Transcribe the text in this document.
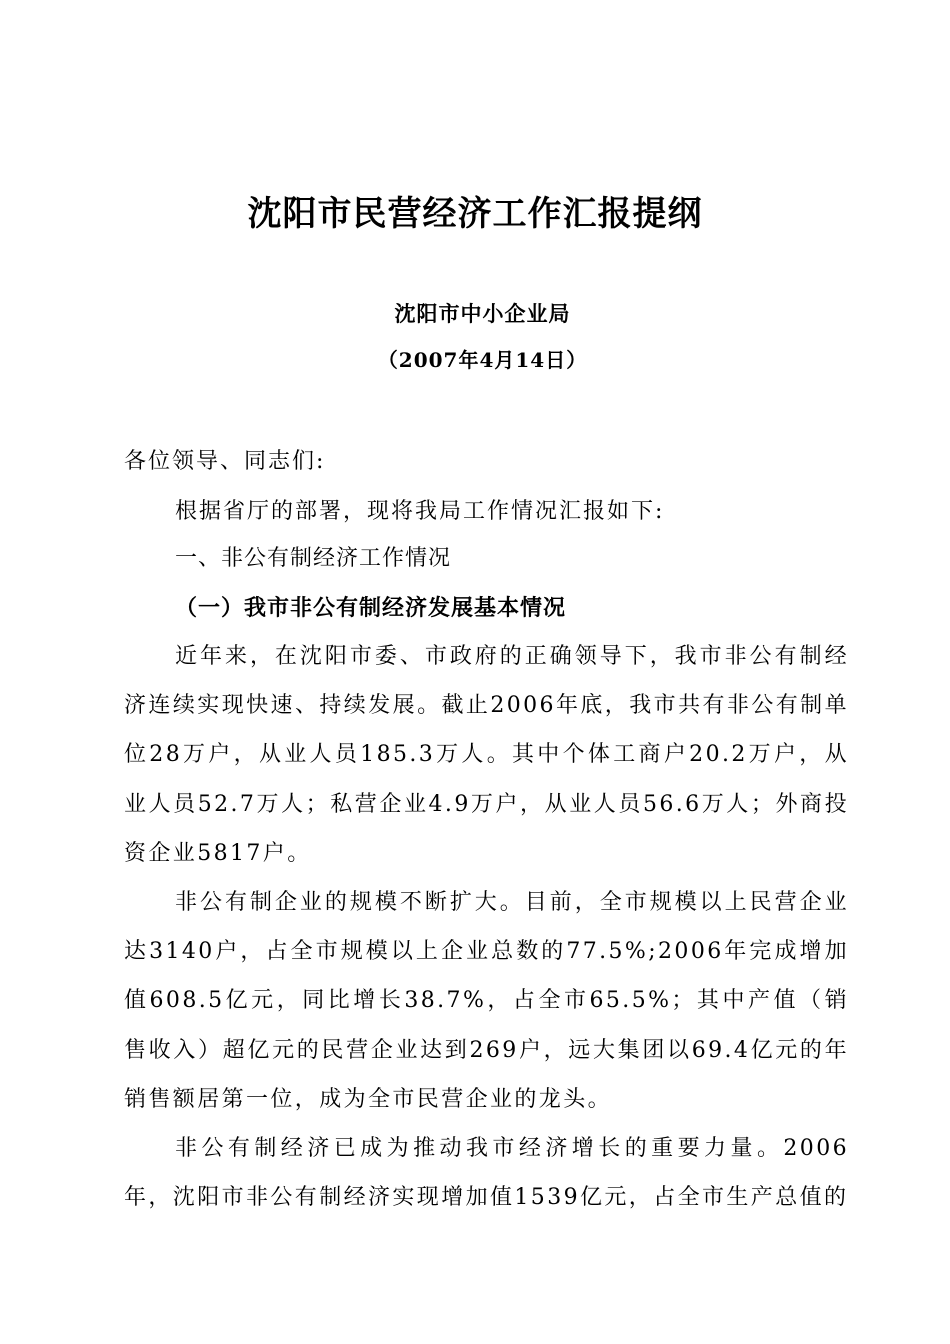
沈阳市民营经济工作汇报提纲
沈阳市中小企业局
（2007年4月14日）
各位领导、同志们:
根据省厅的部署，现将我局工作情况汇报如下:
一、非公有制经济工作情况
（一）我市非公有制经济发展基本情况
近年来，在沈阳市委、市政府的正确领导下，我市非公有制经济连续实现快速、持续发展。截止2006年底，我市共有非公有制单位28万户，从业人员185.3万人。其中个体工商户20.2万户，从业人员52.7万人；私营企业4.9万户，从业人员56.6万人；外商投资企业5817户。
非公有制企业的规模不断扩大。目前，全市规模以上民营企业达3140户，占全市规模以上企业总数的77.5%;2006年完成增加值608.5亿元，同比增长38.7%，占全市65.5%；其中产值（销售收入）超亿元的民营企业达到269户，远大集团以69.4亿元的年销售额居第一位，成为全市民营企业的龙头。
非公有制经济已成为推动我市经济增长的重要力量。2006年，沈阳市非公有制经济实现增加值1539亿元，占全市生产总值的
